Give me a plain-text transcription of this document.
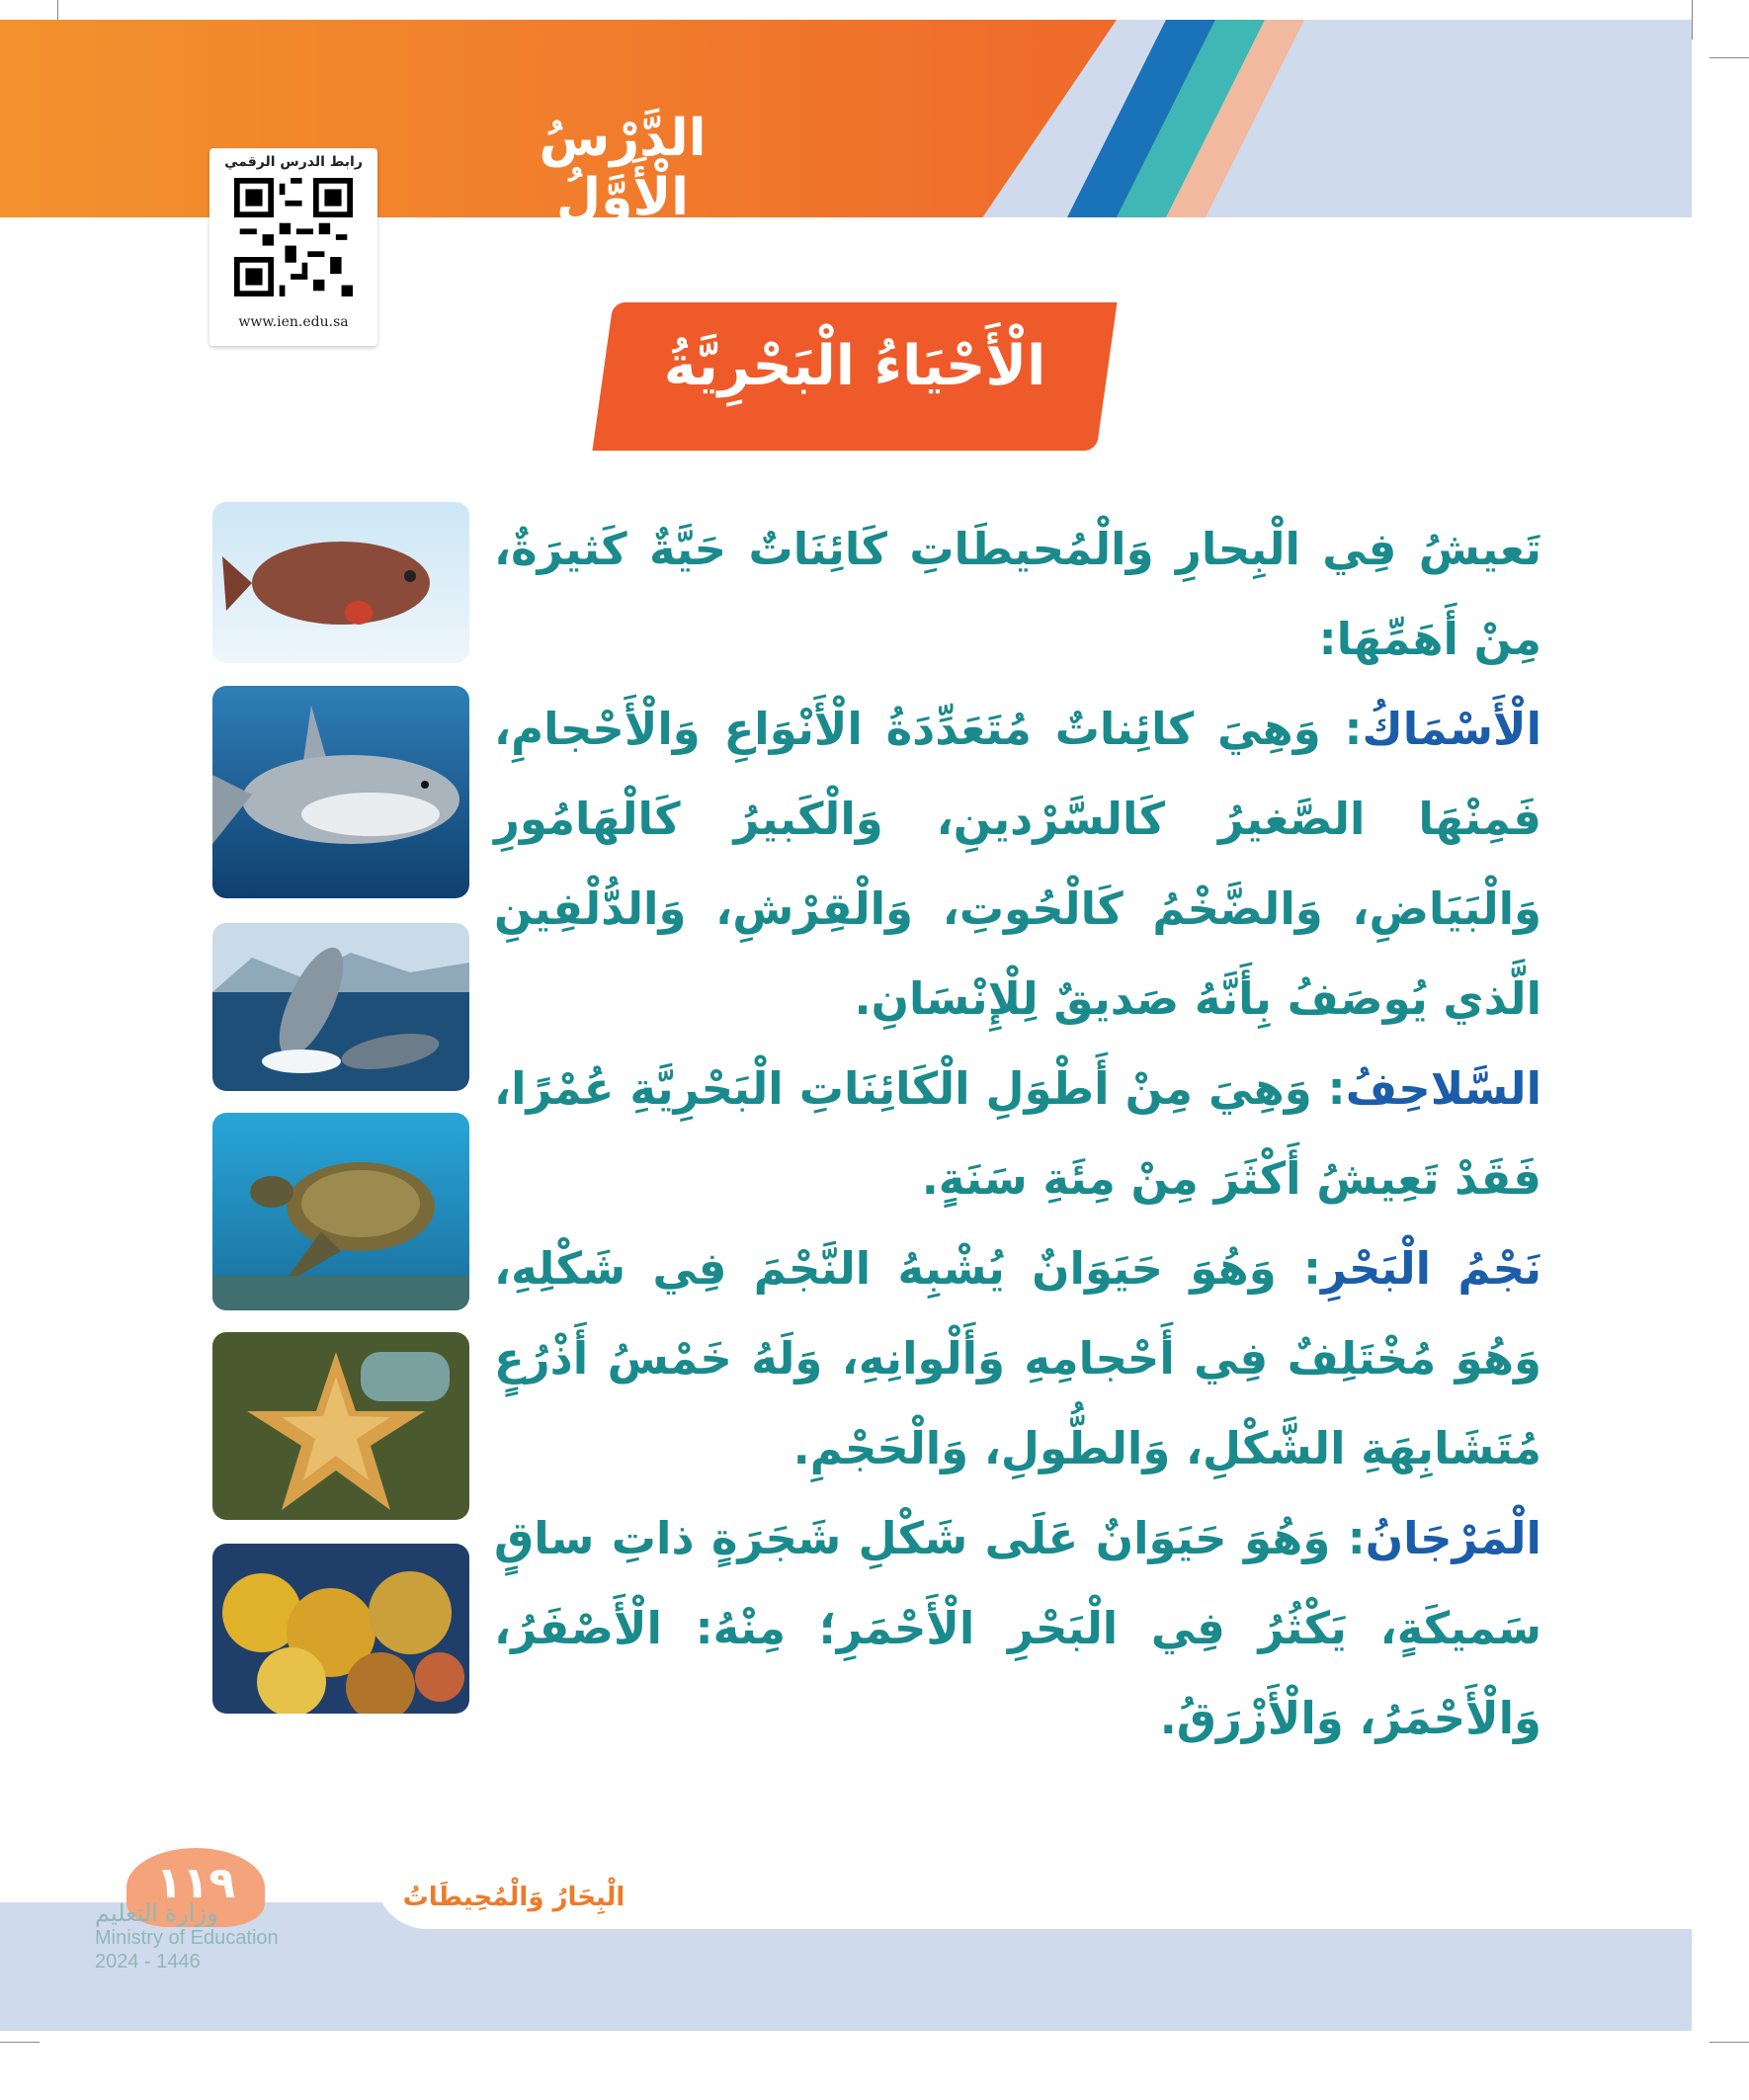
الدَّرْسُ الْأَوَّلُ
رابط الدرس الرقمي
www.ien.edu.sa
الْأَحْيَاءُ الْبَحْرِيَّةُ

تَعيشُ فِي الْبِحارِ وَالْمُحيطَاتِ كَائِنَاتٌ حَيَّةٌ كَثيرَةٌ، مِنْ أَهَمِّهَا:

الْأَسْمَاكُ: وَهِيَ كائِناتٌ مُتَعَدِّدَةُ الْأَنْوَاعِ وَالْأَحْجامِ، فَمِنْهَا الصَّغيرُ كَالسَّرْدينِ، وَالْكَبيرُ كَالْهَامُورِ وَالْبَيَاضِ، وَالضَّخْمُ كَالْحُوتِ، وَالْقِرْشِ، وَالدُّلْفِينِ الَّذي يُوصَفُ بِأَنَّهُ صَديقٌ لِلْإِنْسَانِ.

السَّلاحِفُ: وَهِيَ مِنْ أَطْوَلِ الْكَائِنَاتِ الْبَحْرِيَّةِ عُمْرًا، فَقَدْ تَعِيشُ أَكْثَرَ مِنْ مِئَةِ سَنَةٍ.

نَجْمُ الْبَحْرِ: وَهُوَ حَيَوَانٌ يُشْبِهُ النَّجْمَ فِي شَكْلِهِ، وَهُوَ مُخْتَلِفٌ فِي أَحْجامِهِ وَأَلْوانِهِ، وَلَهُ خَمْسُ أَذْرُعٍ مُتَشَابِهَةِ الشَّكْلِ، وَالطُّولِ، وَالْحَجْمِ.

الْمَرْجَانُ: وَهُوَ حَيَوَانٌ عَلَى شَكْلِ شَجَرَةٍ ذاتِ ساقٍ سَميكَةٍ، يَكْثُرُ فِي الْبَحْرِ الْأَحْمَرِ؛ مِنْهُ: الْأَصْفَرُ، وَالْأَحْمَرُ، وَالْأَزْرَقُ.

١١٩	الْبِحَارُ وَالْمُحِيطَاتُ
وزارة التعليم
Ministry of Education
2024 - 1446
